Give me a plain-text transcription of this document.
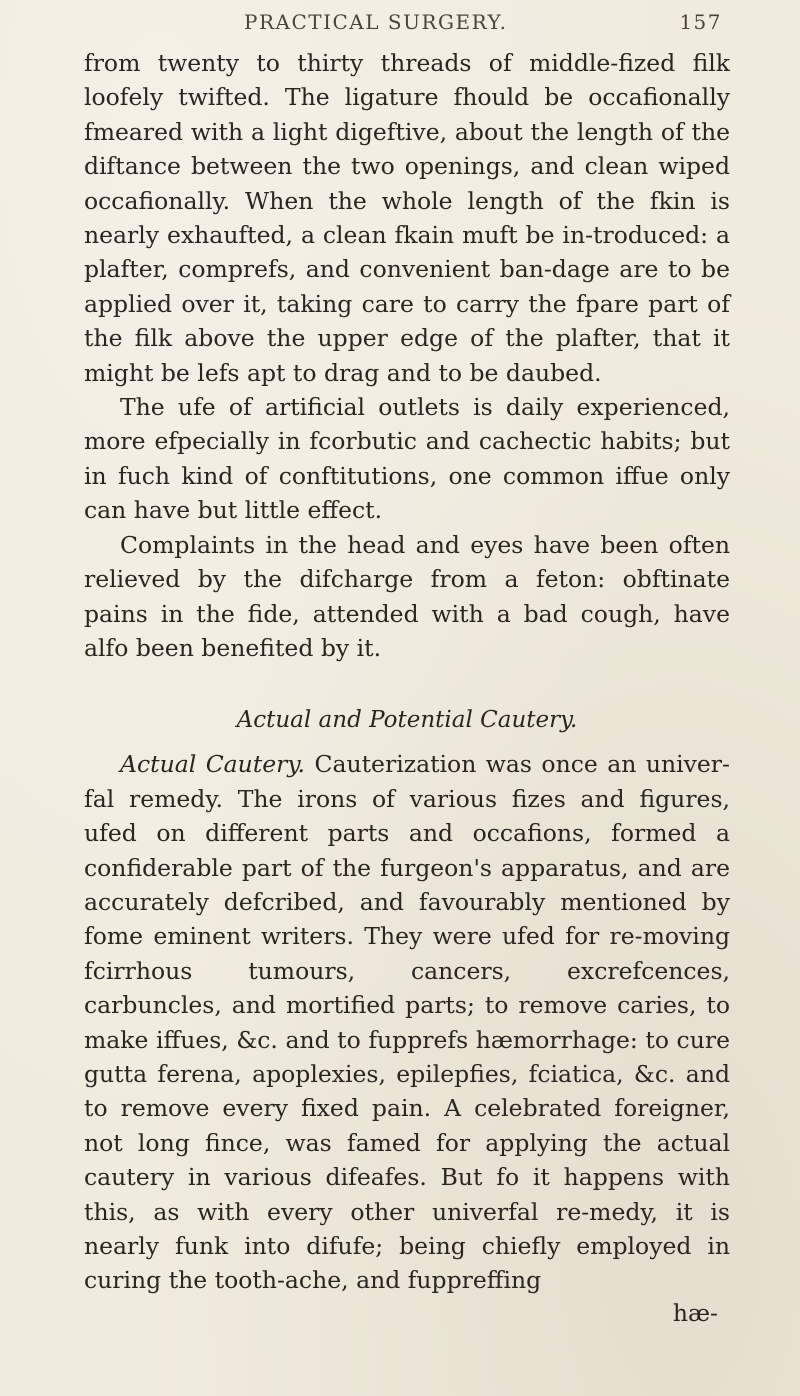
PRACTICAL SURGERY.	157

from twenty to thirty threads of middle-fized filk loofely twifted. The ligature fhould be occafionally fmeared with a light digeftive, about the length of the diftance between the two openings, and clean wiped occafionally. When the whole length of the fkin is nearly exhaufted, a clean fkain muft be in-troduced: a plafter, comprefs, and convenient ban-dage are to be applied over it, taking care to carry the fpare part of the filk above the upper edge of the plafter, that it might be lefs apt to drag and to be daubed.

The ufe of artificial outlets is daily experienced, more efpecially in fcorbutic and cachectic habits; but in fuch kind of conftitutions, one common iffue only can have but little effect.

Complaints in the head and eyes have been often relieved by the difcharge from a feton: obftinate pains in the fide, attended with a bad cough, have alfo been benefited by it.

Actual and Potential Cautery.

Actual Cautery. Cauterization was once an univer-fal remedy. The irons of various fizes and figures, ufed on different parts and occafions, formed a confiderable part of the furgeon's apparatus, and are accurately defcribed, and favourably mentioned by fome eminent writers. They were ufed for re-moving fcirrhous tumours, cancers, excrefcences, carbuncles, and mortified parts; to remove caries, to make iffues, &c. and to fupprefs hæmorrhage: to cure gutta ferena, apoplexies, epilepfies, fciatica, &c. and to remove every fixed pain. A celebrated foreigner, not long fince, was famed for applying the actual cautery in various difeafes. But fo it happens with this, as with every other univerfal re-medy, it is nearly funk into difufe; being chiefly employed in curing the tooth-ache, and fuppreffing

hæ-
